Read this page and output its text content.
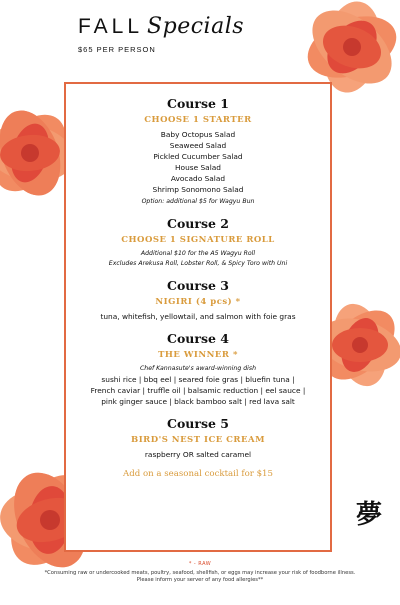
FALL Specials
$65 PER PERSON
Course 1
CHOOSE 1 STARTER
Baby Octopus Salad
Seaweed Salad
Pickled Cucumber Salad
House Salad
Avocado Salad
Shrimp Sonomono Salad
Option: additional $5 for Wagyu Bun
Course 2
CHOOSE 1 SIGNATURE ROLL
Additional $10 for the A5 Wagyu Roll
Excludes Arekusa Roll, Lobster Roll, & Spicy Toro with Uni
Course 3
NIGIRI (4 pcs) *
tuna, whitefish, yellowtail, and salmon with foie gras
Course 4
THE WINNER *
Chef Kannasute's award-winning dish
sushi rice | bbq eel | seared foie gras | bluefin tuna |
French caviar | truffle oil | balsamic reduction | eel sauce |
pink ginger sauce | black bamboo salt | red lava salt
Course 5
BIRD'S NEST ICE CREAM
raspberry OR salted caramel
Add on a seasonal cocktail for $15
夢
* - RAW
*Consuming raw or undercooked meats, poultry, seafood, shellfish, or eggs may increase your risk of foodborne illness.
Please inform your server of any food allergies**
